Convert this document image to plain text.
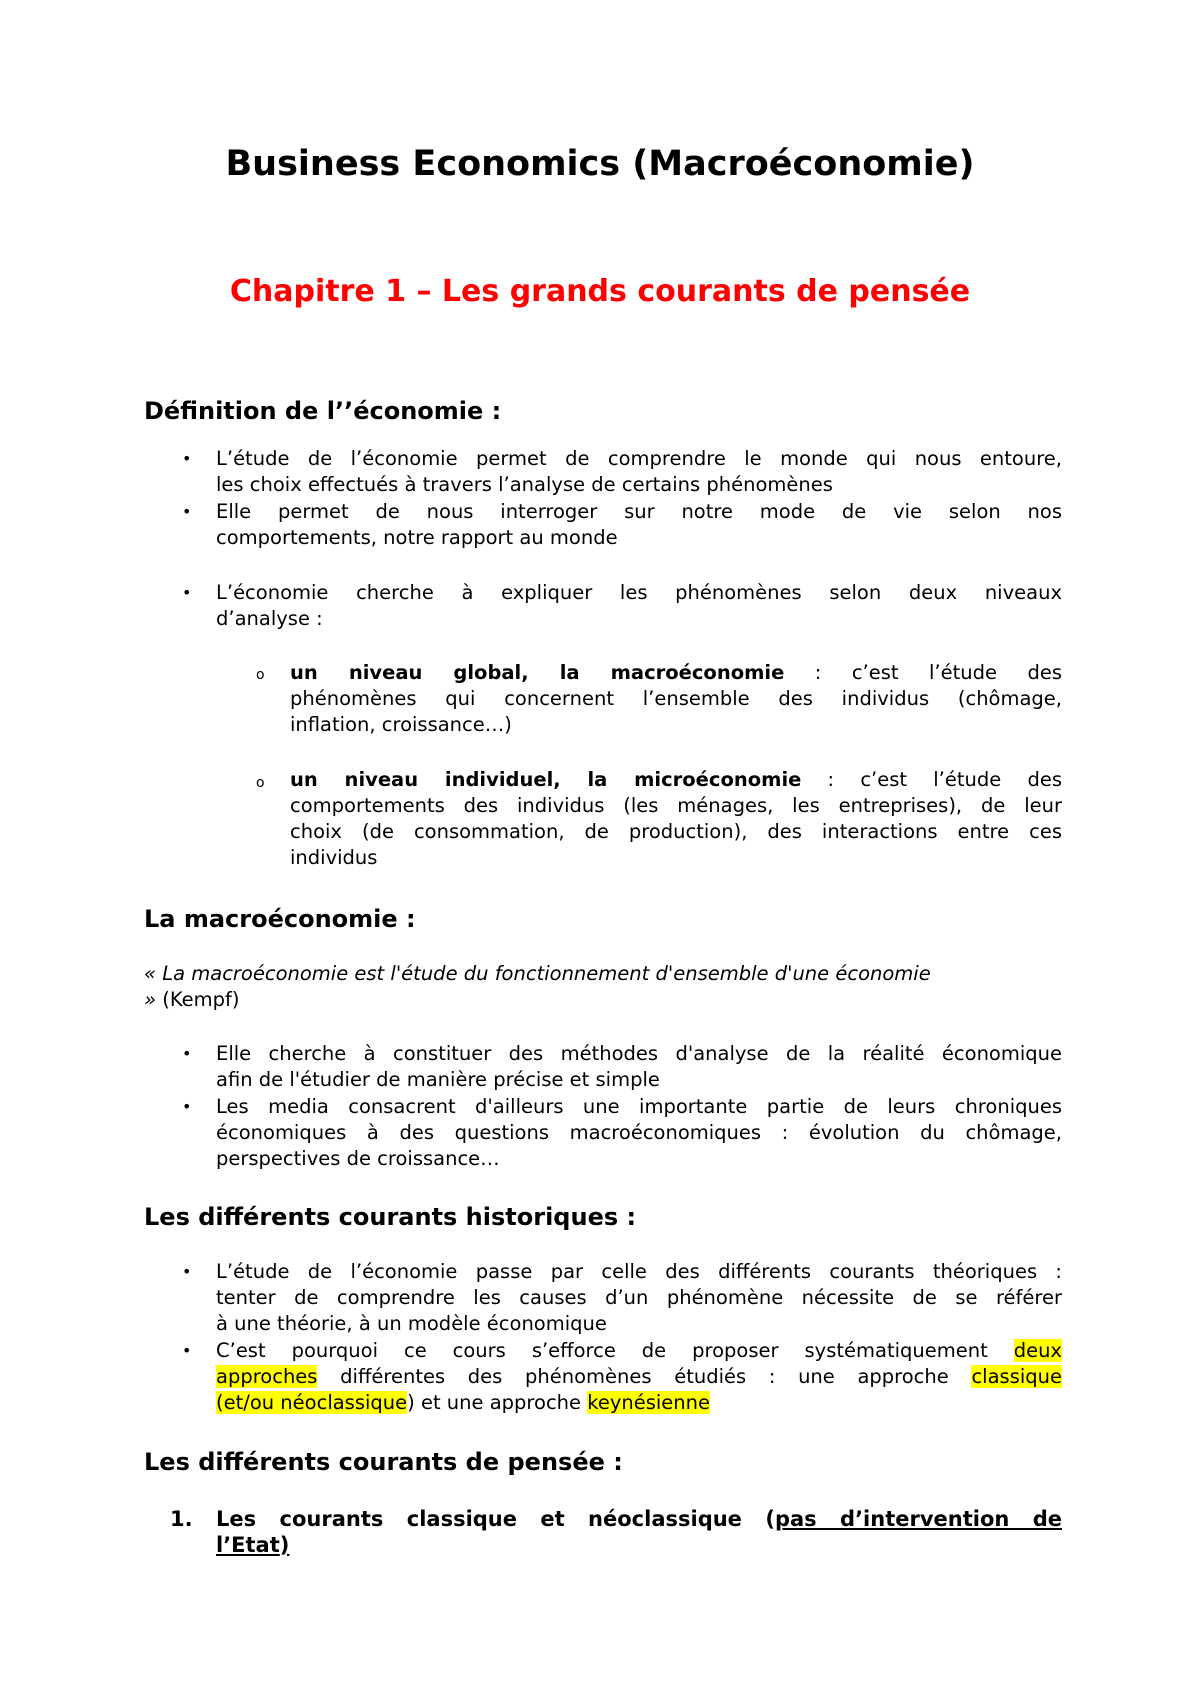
Business Economics (Macroéconomie)
Chapitre 1 – Les grands courants de pensée
Définition de l’’économie :
• L’étude de l’économie permet de comprendre le monde qui nous entoure,
les choix effectués à travers l’analyse de certains phénomènes
• Elle permet de nous interroger sur notre mode de vie selon nos
comportements, notre rapport au monde
• L’économie cherche à expliquer les phénomènes selon deux niveaux
d’analyse :
o un niveau global, la macroéconomie : c’est l’étude des
phénomènes qui concernent l’ensemble des individus (chômage,
inflation, croissance…)
o un niveau individuel, la microéconomie : c’est l’étude des
comportements des individus (les ménages, les entreprises), de leur
choix (de consommation, de production), des interactions entre ces
individus
La macroéconomie :
« La macroéconomie est l'étude du fonctionnement d'ensemble d'une économie
» (Kempf)
• Elle cherche à constituer des méthodes d'analyse de la réalité économique
afin de l'étudier de manière précise et simple
• Les media consacrent d'ailleurs une importante partie de leurs chroniques
économiques à des questions macroéconomiques : évolution du chômage,
perspectives de croissance…
Les différents courants historiques :
• L’étude de l’économie passe par celle des différents courants théoriques :
tenter de comprendre les causes d’un phénomène nécessite de se référer
à une théorie, à un modèle économique
• C’est pourquoi ce cours s’efforce de proposer systématiquement deux
approches différentes des phénomènes étudiés : une approche classique
(et/ou néoclassique) et une approche keynésienne
Les différents courants de pensée :
1. Les courants classique et néoclassique (pas d’intervention de
l’Etat)
